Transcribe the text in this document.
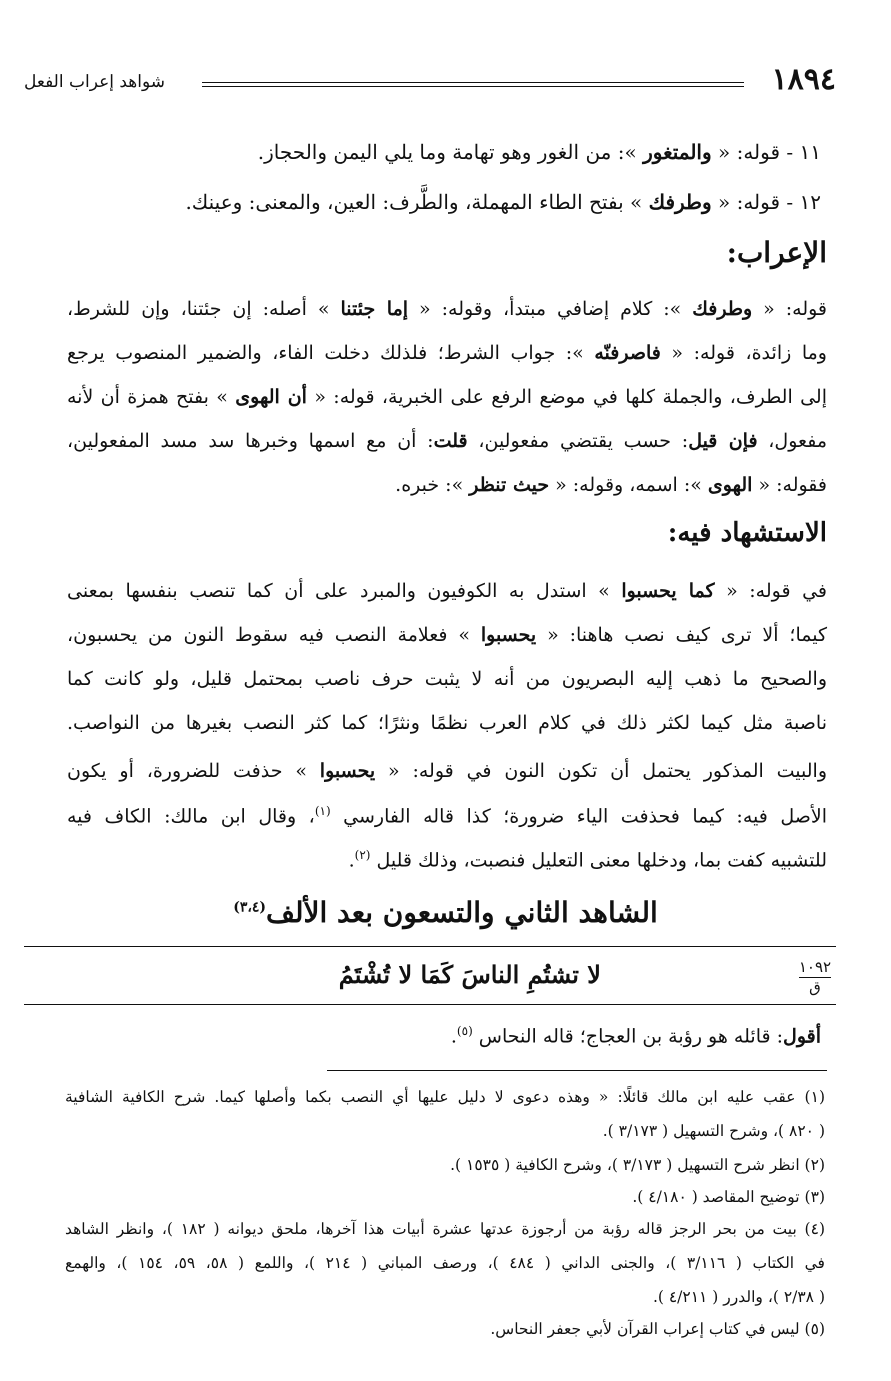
١٨٩٤
شواهد إعراب الفعل
١١ - قوله: « والمتغور »: من الغور وهو تهامة وما يلي اليمن والحجاز.
١٢ - قوله: « وطرفك » بفتح الطاء المهملة، والطَّرف: العين، والمعنى: وعينك.
الإعراب:
قوله: « وطرفك »: كلام إضافي مبتدأ، وقوله: « إما جئتنا » أصله: إن جئتنا، وإن للشرط،
وما زائدة، قوله: « فاصرفنّه »: جواب الشرط؛ فلذلك دخلت الفاء، والضمير المنصوب يرجع
إلى الطرف، والجملة كلها في موضع الرفع على الخبرية، قوله: « أن الهوى » بفتح همزة أن لأنه
مفعول، فإن قيل: حسب يقتضي مفعولين، قلت: أن مع اسمها وخبرها سد مسد المفعولين،
فقوله: « الهوى »: اسمه، وقوله: « حيث تنظر »: خبره.
الاستشهاد فيه:
في قوله: « كما يحسبوا » استدل به الكوفيون والمبرد على أن كما تنصب بنفسها بمعنى
كيما؛ ألا ترى كيف نصب هاهنا: « يحسبوا » فعلامة النصب فيه سقوط النون من يحسبون،
والصحيح ما ذهب إليه البصريون من أنه لا يثبت حرف ناصب بمحتمل قليل، ولو كانت كما
ناصبة مثل كيما لكثر ذلك في كلام العرب نظمًا ونثرًا؛ كما كثر النصب بغيرها من النواصب.
والبيت المذكور يحتمل أن تكون النون في قوله: « يحسبوا » حذفت للضرورة، أو يكون
الأصل فيه: كيما فحذفت الياء ضرورة؛ كذا قاله الفارسي $^{(١)}$، وقال ابن مالك: الكاف فيه
للتشبيه كفت بما، ودخلها معنى التعليل فنصبت، وذلك قليل $^{(٢)}$.
الشاهد الثاني والتسعون بعد الألف$^{(٣،٤)}$
١٠٩٢
ق
لا تشتُمِ الناسَ كَمَا لا تُشْتَمُ
أقول: قائله هو رؤبة بن العجاج؛ قاله النحاس $^{(٥)}$.
(١) عقب عليه ابن مالك قائلًا: « وهذه دعوى لا دليل عليها أي النصب بكما وأصلها كيما. شرح الكافية الشافية
( ٨٢٠ )، وشرح التسهيل ( ٣/١٧٣ ).
(٢) انظر شرح التسهيل ( ٣/١٧٣ )، وشرح الكافية ( ١٥٣٥ ).
(٣) توضيح المقاصد ( ٤/١٨٠ ).
(٤) بيت من بحر الرجز قاله رؤبة من أرجوزة عدتها عشرة أبيات هذا آخرها، ملحق ديوانه ( ١٨٢ )، وانظر الشاهد
في الكتاب ( ٣/١١٦ )، والجنى الداني ( ٤٨٤ )، ورصف المباني ( ٢١٤ )، واللمع ( ٥٨، ٥٩، ١٥٤ )، والهمع
( ٢/٣٨ )، والدرر ( ٤/٢١١ ).
(٥) ليس في كتاب إعراب القرآن لأبي جعفر النحاس.
